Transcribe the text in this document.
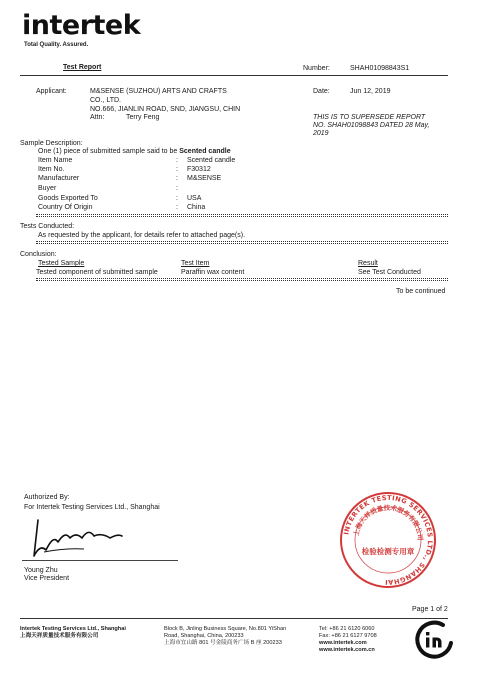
intertek
Total Quality. Assured.
Test Report	Number:	SHAH01098843S1
Applicant:	M&SENSE (SUZHOU) ARTS AND CRAFTS
CO., LTD.
NO.666, JIANLIN ROAD, SND, JIANGSU, CHIN
Attn:	Terry Feng
Date:	Jun 12, 2019
THIS IS TO SUPERSEDE REPORT
NO. SHAH01098843 DATED 28 May,
2019
Sample Description:
One (1) piece of submitted sample said to be Scented candle
Item Name	: Scented candle
Item No.	: F30312
Manufacturer	: M&SENSE
Buyer	:
Goods Exported To	: USA
Country Of Origin	: China
Tests Conducted:
As requested by the applicant, for details refer to attached page(s).
Conclusion:
Tested Sample	Test Item	Result
Tested component of submitted sample	Paraffin wax content	See Test Conducted
To be continued
Authorized By:
For Intertek Testing Services Ltd., Shanghai
Young Zhu
Vice President
INTERTEK TESTING SERVICES LTD., SHANGHAI
上海天祥质量技术服务有限公司
检验检测专用章
Page 1 of 2
Intertek Testing Services Ltd., Shanghai
上海天祥质量技术服务有限公司
Block B, Jinling Business Square, No.801 YiShan
Road, Shanghai, China, 200233
上海市宜山路 801 号金陵商务广场 B 座 200233
Tel: +86 21 6120 6060
Fax: +86 21 6127 9708
www.intertek.com
www.intertek.com.cn
